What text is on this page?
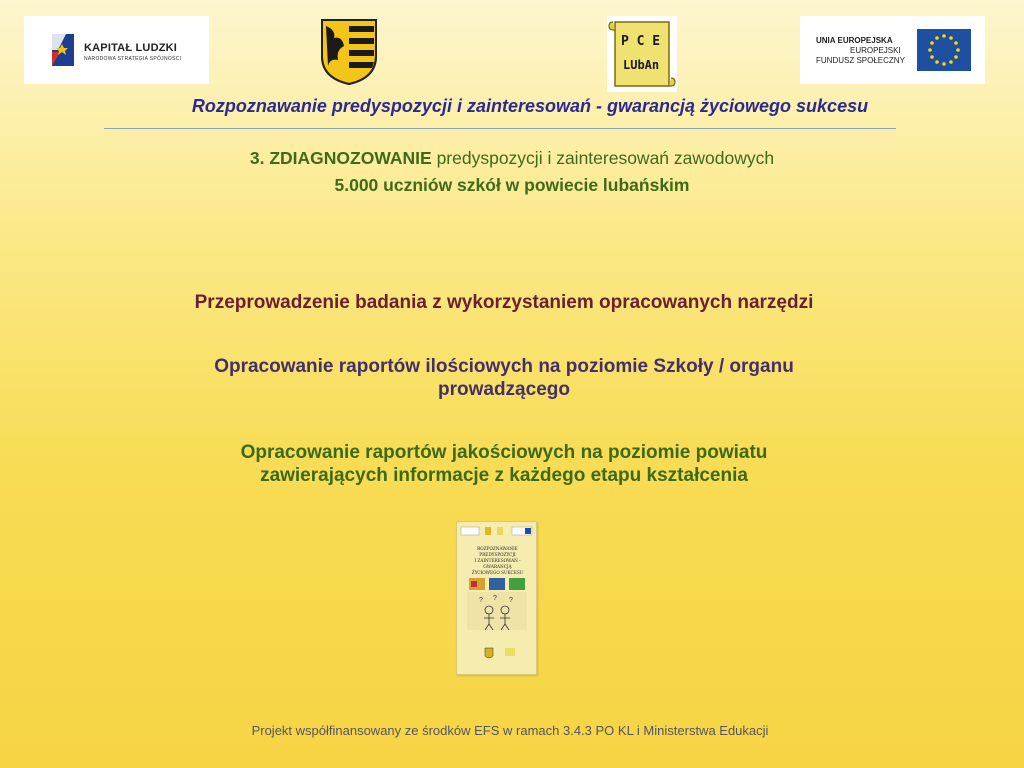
KAPITAŁ LUDZKI
NARODOWA STRATEGIA SPÓJNOŚCI
P C E
LUbAn
UNIA EUROPEJSKA
EUROPEJSKI
FUNDUSZ SPOŁECZNY
Rozpoznawanie predyspozycji i zainteresowań - gwarancją życiowego sukcesu
3. ZDIAGNOZOWANIE predyspozycji i zainteresowań zawodowych
5.000 uczniów szkół w powiecie lubańskim
Przeprowadzenie badania z wykorzystaniem opracowanych narzędzi
Opracowanie raportów ilościowych na poziomie Szkoły / organu
prowadzącego
Opracowanie raportów jakościowych na poziomie powiatu
zawierających informacje z każdego etapu kształcenia
ROZPOZNAWANIE PREDYSPOZYCJI
I ZAINTERESOWAŃ - GWARANCJĄ
ŻYCIOWEGO SUKCESU
? ? ?
Projekt współfinansowany ze środków EFS w ramach 3.4.3 PO KL i Ministerstwa Edukacji
